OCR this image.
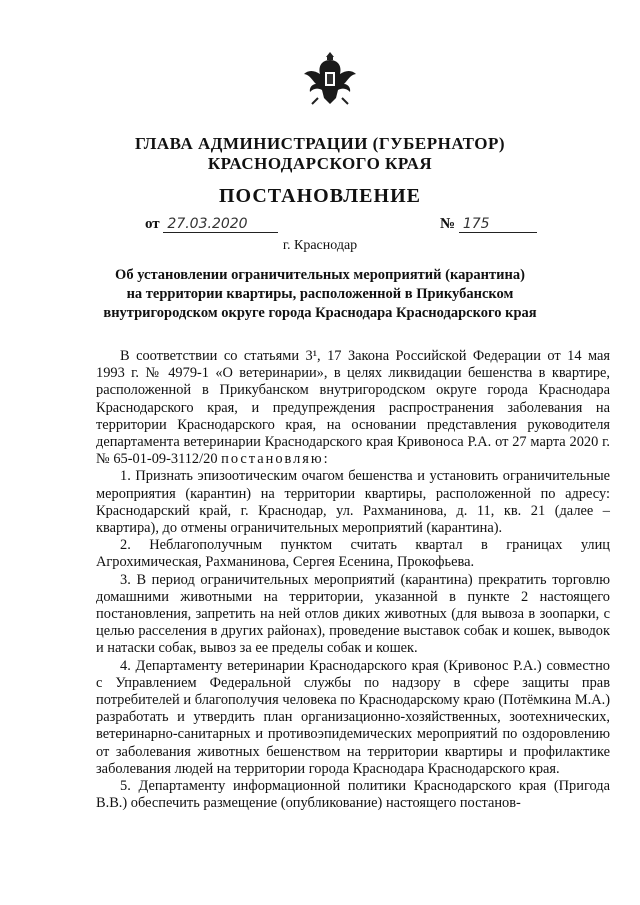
ГЛАВА АДМИНИСТРАЦИИ (ГУБЕРНАТОР)
КРАСНОДАРСКОГО КРАЯ
ПОСТАНОВЛЕНИЕ
от 27.03.2020	№ 175
г. Краснодар
Об установлении ограничительных мероприятий (карантина)
на территории квартиры, расположенной в Прикубанском
внутригородском округе города Краснодара Краснодарского края

В соответствии со статьями 3¹, 17 Закона Российской Федерации от 14 мая 1993 г. № 4979-1 «О ветеринарии», в целях ликвидации бешенства в квартире, расположенной в Прикубанском внутригородском округе города Краснодара Краснодарского края, и предупреждения распространения заболевания на территории Краснодарского края, на основании представления руководителя департамента ветеринарии Краснодарского края Кривоноса Р.А. от 27 марта 2020 г. № 65-01-09-3112/20 постановляю:

1. Признать эпизоотическим очагом бешенства и установить ограничительные мероприятия (карантин) на территории квартиры, расположенной по адресу: Краснодарский край, г. Краснодар, ул. Рахманинова, д. 11, кв. 21 (далее – квартира), до отмены ограничительных мероприятий (карантина).

2. Неблагополучным пунктом считать квартал в границах улиц Агрохимическая, Рахманинова, Сергея Есенина, Прокофьева.

3. В период ограничительных мероприятий (карантина) прекратить торговлю домашними животными на территории, указанной в пункте 2 настоящего постановления, запретить на ней отлов диких животных (для вывоза в зоопарки, с целью расселения в других районах), проведение выставок собак и кошек, выводок и натаски собак, вывоз за ее пределы собак и кошек.

4. Департаменту ветеринарии Краснодарского края (Кривонос Р.А.) совместно с Управлением Федеральной службы по надзору в сфере защиты прав потребителей и благополучия человека по Краснодарскому краю (Потёмкина М.А.) разработать и утвердить план организационно-хозяйственных, зоотехнических, ветеринарно-санитарных и противоэпидемических мероприятий по оздоровлению от заболевания животных бешенством на территории квартиры и профилактике заболевания людей на территории города Краснодара Краснодарского края.

5. Департаменту информационной политики Краснодарского края (Пригода В.В.) обеспечить размещение (опубликование) настоящего постанов-
